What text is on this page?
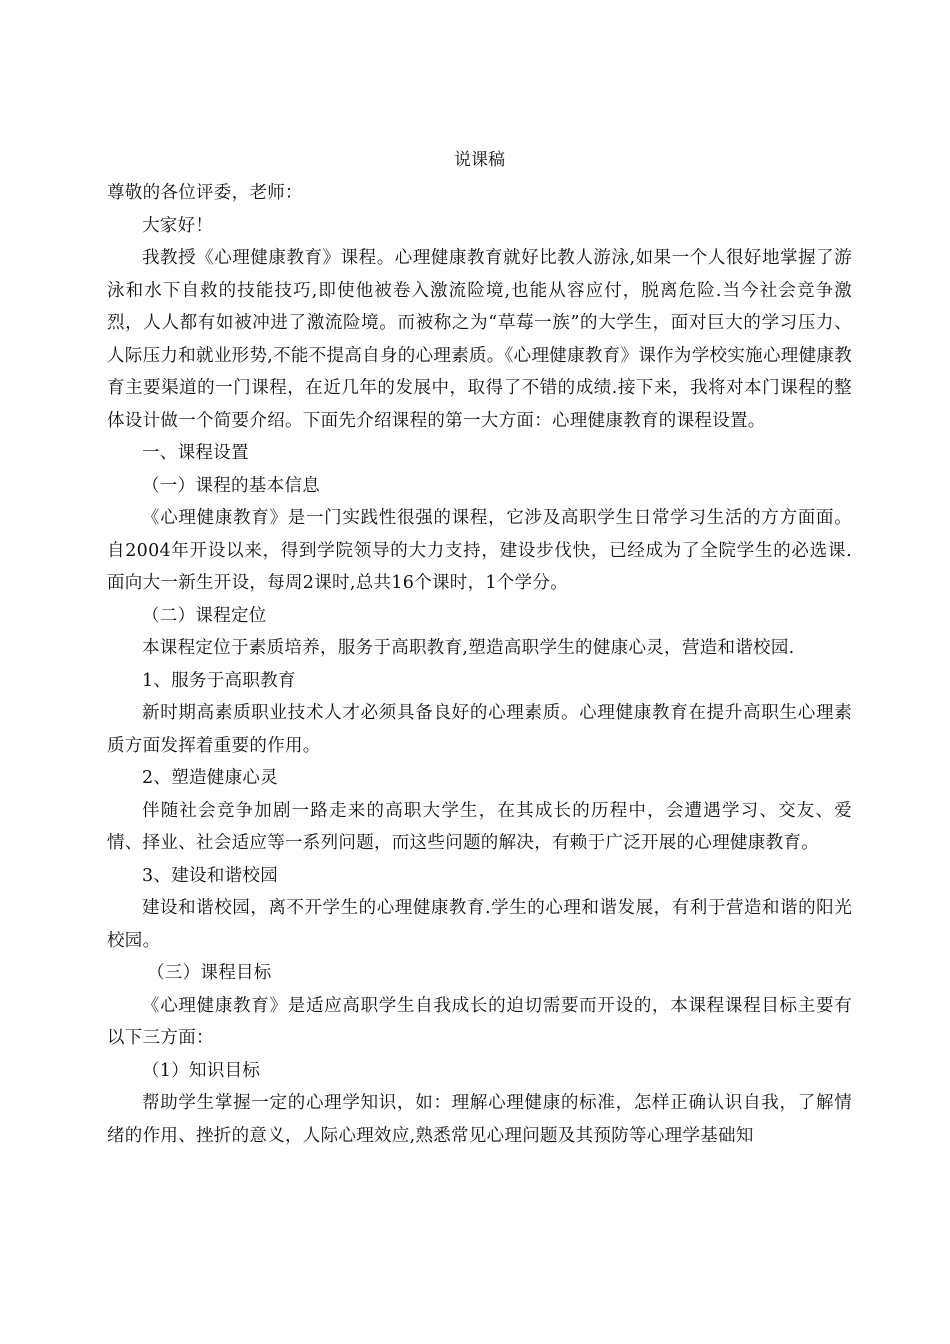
说课稿

尊敬的各位评委，老师：

大家好！

我教授《心理健康教育》课程。心理健康教育就好比教人游泳,如果一个人很好地掌握了游泳和水下自救的技能技巧,即使他被卷入激流险境,也能从容应付，脱离危险.当今社会竞争激烈，人人都有如被冲进了激流险境。而被称之为“草莓一族”的大学生，面对巨大的学习压力、人际压力和就业形势,不能不提高自身的心理素质。《心理健康教育》课作为学校实施心理健康教育主要渠道的一门课程，在近几年的发展中，取得了不错的成绩.接下来，我将对本门课程的整体设计做一个简要介绍。下面先介绍课程的第一大方面：心理健康教育的课程设置。

一、课程设置

（一）课程的基本信息

《心理健康教育》是一门实践性很强的课程，它涉及高职学生日常学习生活的方方面面。自2004年开设以来，得到学院领导的大力支持，建设步伐快，已经成为了全院学生的必选课.面向大一新生开设，每周2课时,总共16个课时，1个学分。

（二）课程定位

本课程定位于素质培养，服务于高职教育,塑造高职学生的健康心灵，营造和谐校园.

1、服务于高职教育

新时期高素质职业技术人才必须具备良好的心理素质。心理健康教育在提升高职生心理素质方面发挥着重要的作用。

2、塑造健康心灵

伴随社会竞争加剧一路走来的高职大学生，在其成长的历程中，会遭遇学习、交友、爱情、择业、社会适应等一系列问题，而这些问题的解决，有赖于广泛开展的心理健康教育。

3、建设和谐校园

建设和谐校园，离不开学生的心理健康教育.学生的心理和谐发展，有利于营造和谐的阳光校园。

（三）课程目标

《心理健康教育》是适应高职学生自我成长的迫切需要而开设的，本课程课程目标主要有以下三方面：

（1）知识目标

帮助学生掌握一定的心理学知识，如：理解心理健康的标准，怎样正确认识自我，了解情绪的作用、挫折的意义，人际心理效应,熟悉常见心理问题及其预防等心理学基础知
